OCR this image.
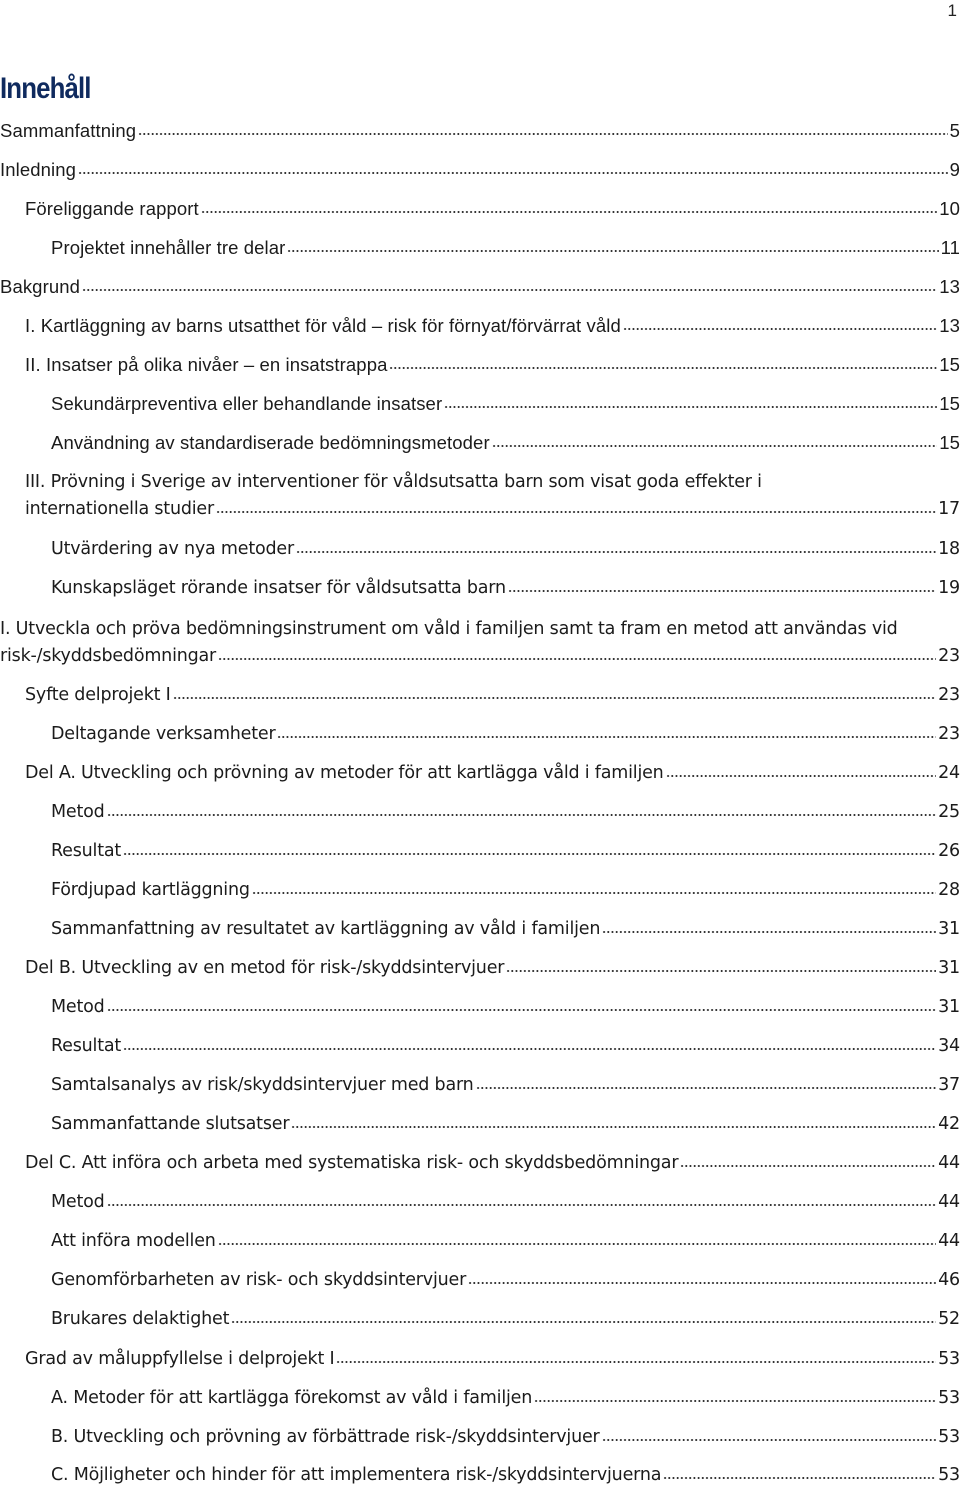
1
Innehåll
Sammanfattning	5
Inledning	9
Föreliggande rapport	10
Projektet innehåller tre delar	11
Bakgrund	13
I. Kartläggning av barns utsatthet för våld – risk för förnyat/förvärrat våld	13
II. Insatser på olika nivåer – en insatstrappa	15
Sekundärpreventiva eller behandlande insatser	15
Användning av standardiserade bedömningsmetoder	15
III. Prövning i Sverige av interventioner för våldsutsatta barn som visat goda effekter i
internationella studier	17
Utvärdering av nya metoder	18
Kunskapsläget rörande insatser för våldsutsatta barn	19
I. Utveckla och pröva bedömningsinstrument om våld i familjen samt ta fram en metod att användas vid
risk-/skyddsbedömningar	23
Syfte delprojekt I	23
Deltagande verksamheter	23
Del A. Utveckling och prövning av metoder för att kartlägga våld i familjen	24
Metod	25
Resultat	26
Fördjupad kartläggning	28
Sammanfattning av resultatet av kartläggning av våld i familjen	31
Del B. Utveckling av en metod för risk-/skyddsintervjuer	31
Metod	31
Resultat	34
Samtalsanalys av risk/skyddsintervjuer med barn	37
Sammanfattande slutsatser	42
Del C. Att införa och arbeta med systematiska risk- och skyddsbedömningar	44
Metod	44
Att införa modellen	44
Genomförbarheten av risk- och skyddsintervjuer	46
Brukares delaktighet	52
Grad av måluppfyllelse i delprojekt I	53
A. Metoder för att kartlägga förekomst av våld i familjen	53
B. Utveckling och prövning av förbättrade risk-/skyddsintervjuer	53
C. Möjligheter och hinder för att implementera risk-/skyddsintervjuerna	53
